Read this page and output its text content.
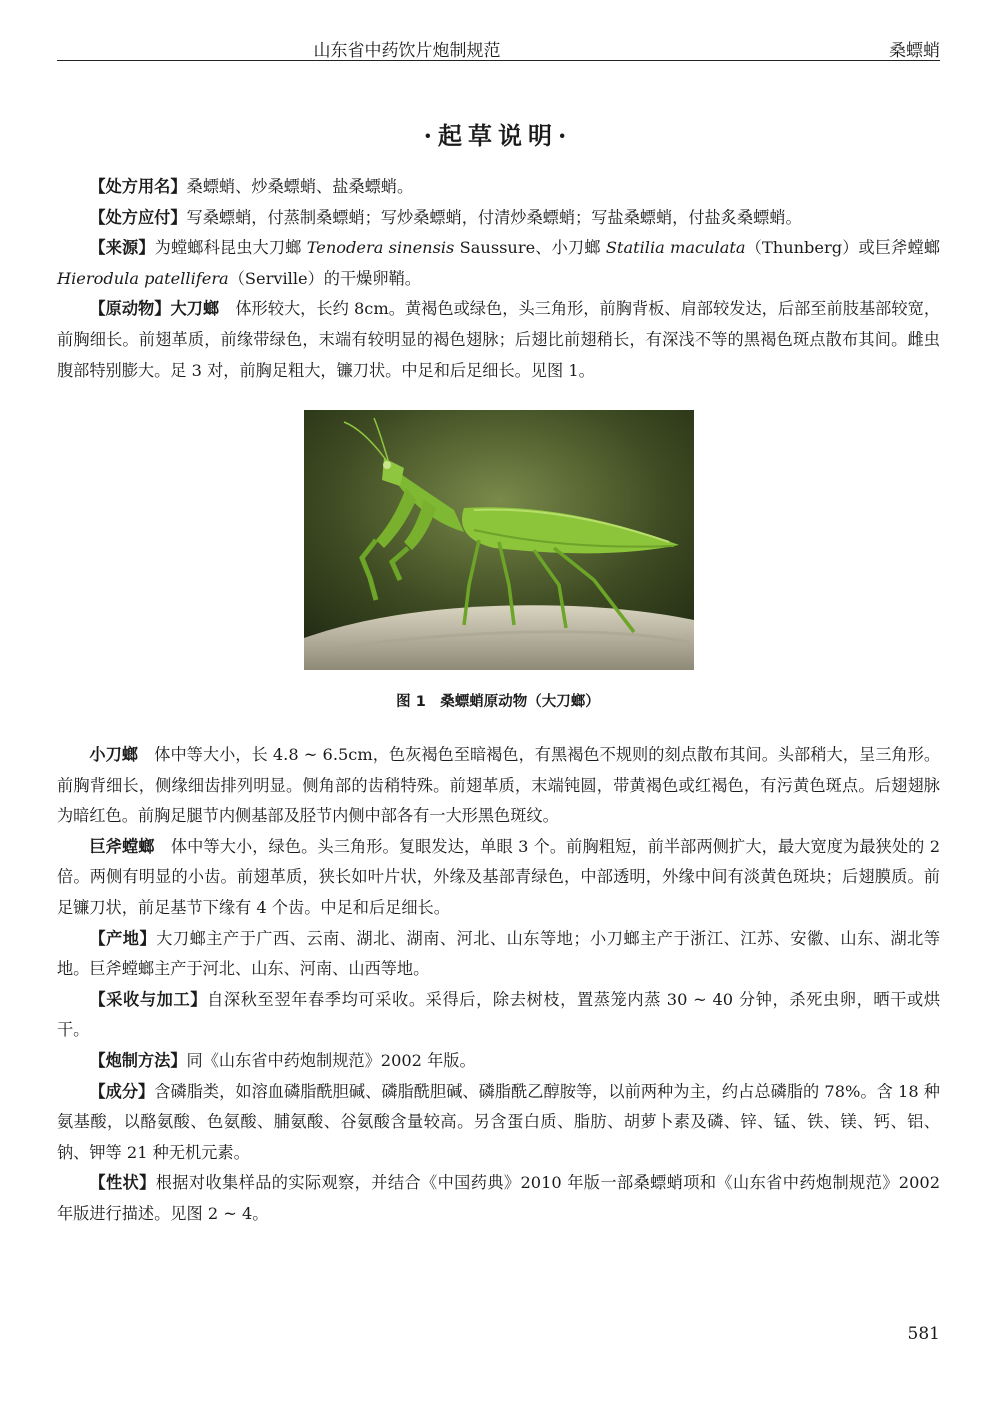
山东省中药饮片炮制规范	桑螵蛸
·起草说明·

【处方用名】桑螵蛸、炒桑螵蛸、盐桑螵蛸。

【处方应付】写桑螵蛸，付蒸制桑螵蛸；写炒桑螵蛸，付清炒桑螵蛸；写盐桑螵蛸，付盐炙桑螵蛸。

【来源】为螳螂科昆虫大刀螂 Tenodera sinensis Saussure、小刀螂 Statilia maculata（Thunberg）或巨斧螳螂 Hierodula patellifera（Serville）的干燥卵鞘。

【原动物】大刀螂　体形较大，长约 8cm。黄褐色或绿色，头三角形，前胸背板、肩部较发达，后部至前肢基部较宽，前胸细长。前翅革质，前缘带绿色，末端有较明显的褐色翅脉；后翅比前翅稍长，有深浅不等的黑褐色斑点散布其间。雌虫腹部特别膨大。足 3 对，前胸足粗大，镰刀状。中足和后足细长。见图 1。

图 1　桑螵蛸原动物（大刀螂）

小刀螂　体中等大小，长 4.8 ~ 6.5cm，色灰褐色至暗褐色，有黑褐色不规则的刻点散布其间。头部稍大，呈三角形。前胸背细长，侧缘细齿排列明显。侧角部的齿稍特殊。前翅革质，末端钝圆，带黄褐色或红褐色，有污黄色斑点。后翅翅脉为暗红色。前胸足腿节内侧基部及胫节内侧中部各有一大形黑色斑纹。

巨斧螳螂　体中等大小，绿色。头三角形。复眼发达，单眼 3 个。前胸粗短，前半部两侧扩大，最大宽度为最狭处的 2 倍。两侧有明显的小齿。前翅革质，狭长如叶片状，外缘及基部青绿色，中部透明，外缘中间有淡黄色斑块；后翅膜质。前足镰刀状，前足基节下缘有 4 个齿。中足和后足细长。

【产地】大刀螂主产于广西、云南、湖北、湖南、河北、山东等地；小刀螂主产于浙江、江苏、安徽、山东、湖北等地。巨斧螳螂主产于河北、山东、河南、山西等地。

【采收与加工】自深秋至翌年春季均可采收。采得后，除去树枝，置蒸笼内蒸 30 ~ 40 分钟，杀死虫卵，晒干或烘干。

【炮制方法】同《山东省中药炮制规范》2002 年版。

【成分】含磷脂类，如溶血磷脂酰胆碱、磷脂酰胆碱、磷脂酰乙醇胺等，以前两种为主，约占总磷脂的 78%。含 18 种氨基酸，以酪氨酸、色氨酸、脯氨酸、谷氨酸含量较高。另含蛋白质、脂肪、胡萝卜素及磷、锌、锰、铁、镁、钙、铝、钠、钾等 21 种无机元素。

【性状】根据对收集样品的实际观察，并结合《中国药典》2010 年版一部桑螵蛸项和《山东省中药炮制规范》2002 年版进行描述。见图 2 ~ 4。

581
